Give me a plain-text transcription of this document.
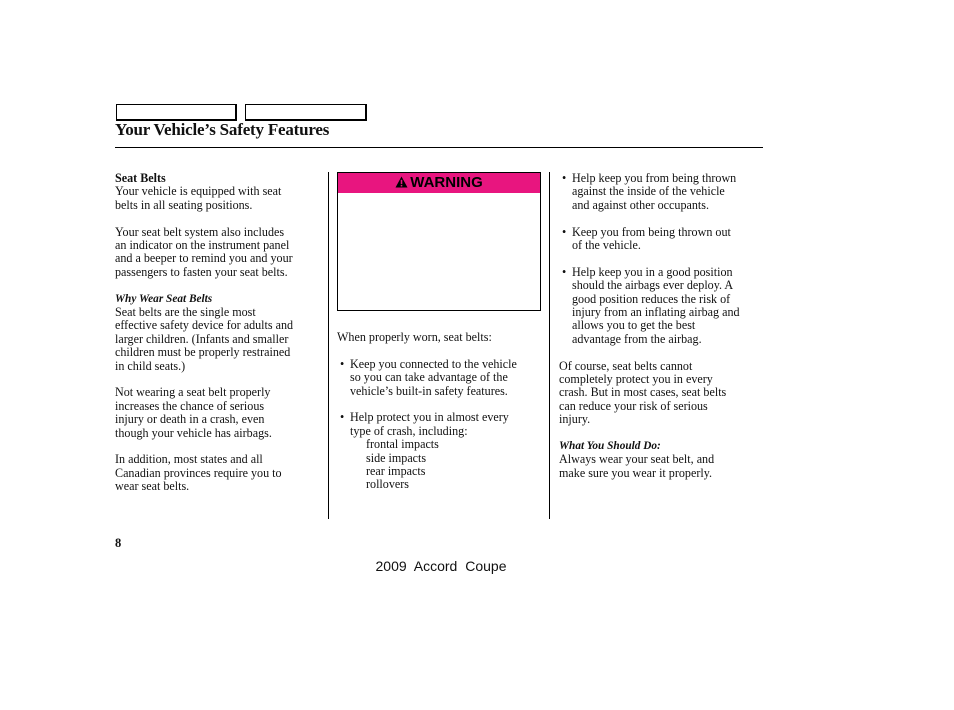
Your Vehicle’s Safety Features

Seat Belts

Your vehicle is equipped with seat
belts in all seating positions.

Your seat belt system also includes
an indicator on the instrument panel
and a beeper to remind you and your
passengers to fasten your seat belts.

Why Wear Seat Belts

Seat belts are the single most
effective safety device for adults and
larger children. (Infants and smaller
children must be properly restrained
in child seats.)

Not wearing a seat belt properly
increases the chance of serious
injury or death in a crash, even
though your vehicle has airbags.

In addition, most states and all
Canadian provinces require you to
wear seat belts.

WARNING

When properly worn, seat belts:

• Keep you connected to the vehicle
so you can take advantage of the
vehicle’s built-in safety features.
• Help protect you in almost every
type of crash, including:
frontal impacts
side impacts
rear impacts
rollovers
• Help keep you from being thrown
against the inside of the vehicle
and against other occupants.
• Keep you from being thrown out
of the vehicle.
• Help keep you in a good position
should the airbags ever deploy. A
good position reduces the risk of
injury from an inflating airbag and
allows you to get the best
advantage from the airbag.

Of course, seat belts cannot
completely protect you in every
crash. But in most cases, seat belts
can reduce your risk of serious
injury.

What You Should Do:

Always wear your seat belt, and
make sure you wear it properly.

8
2009 Accord Coupe
